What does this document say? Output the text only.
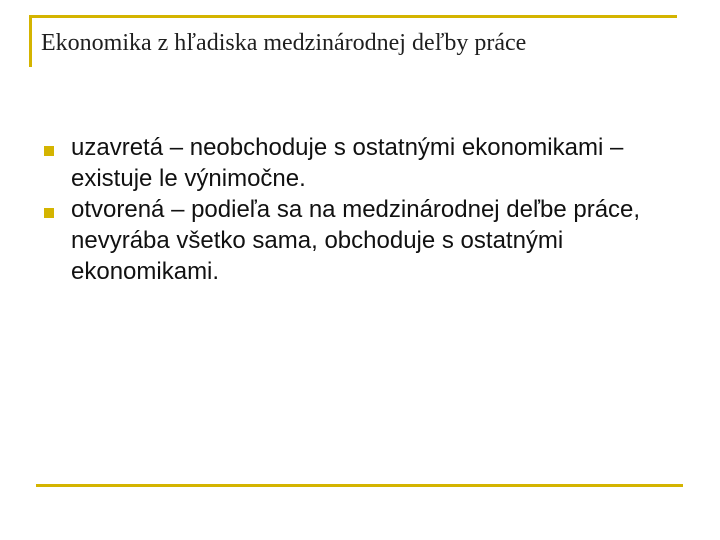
Ekonomika z hľadiska medzinárodnej deľby práce
uzavretá – neobchoduje s ostatnými ekonomikami – existuje le výnimočne.
otvorená – podieľa sa na medzinárodnej deľbe práce, nevyrába všetko sama, obchoduje s ostatnými ekonomikami.
